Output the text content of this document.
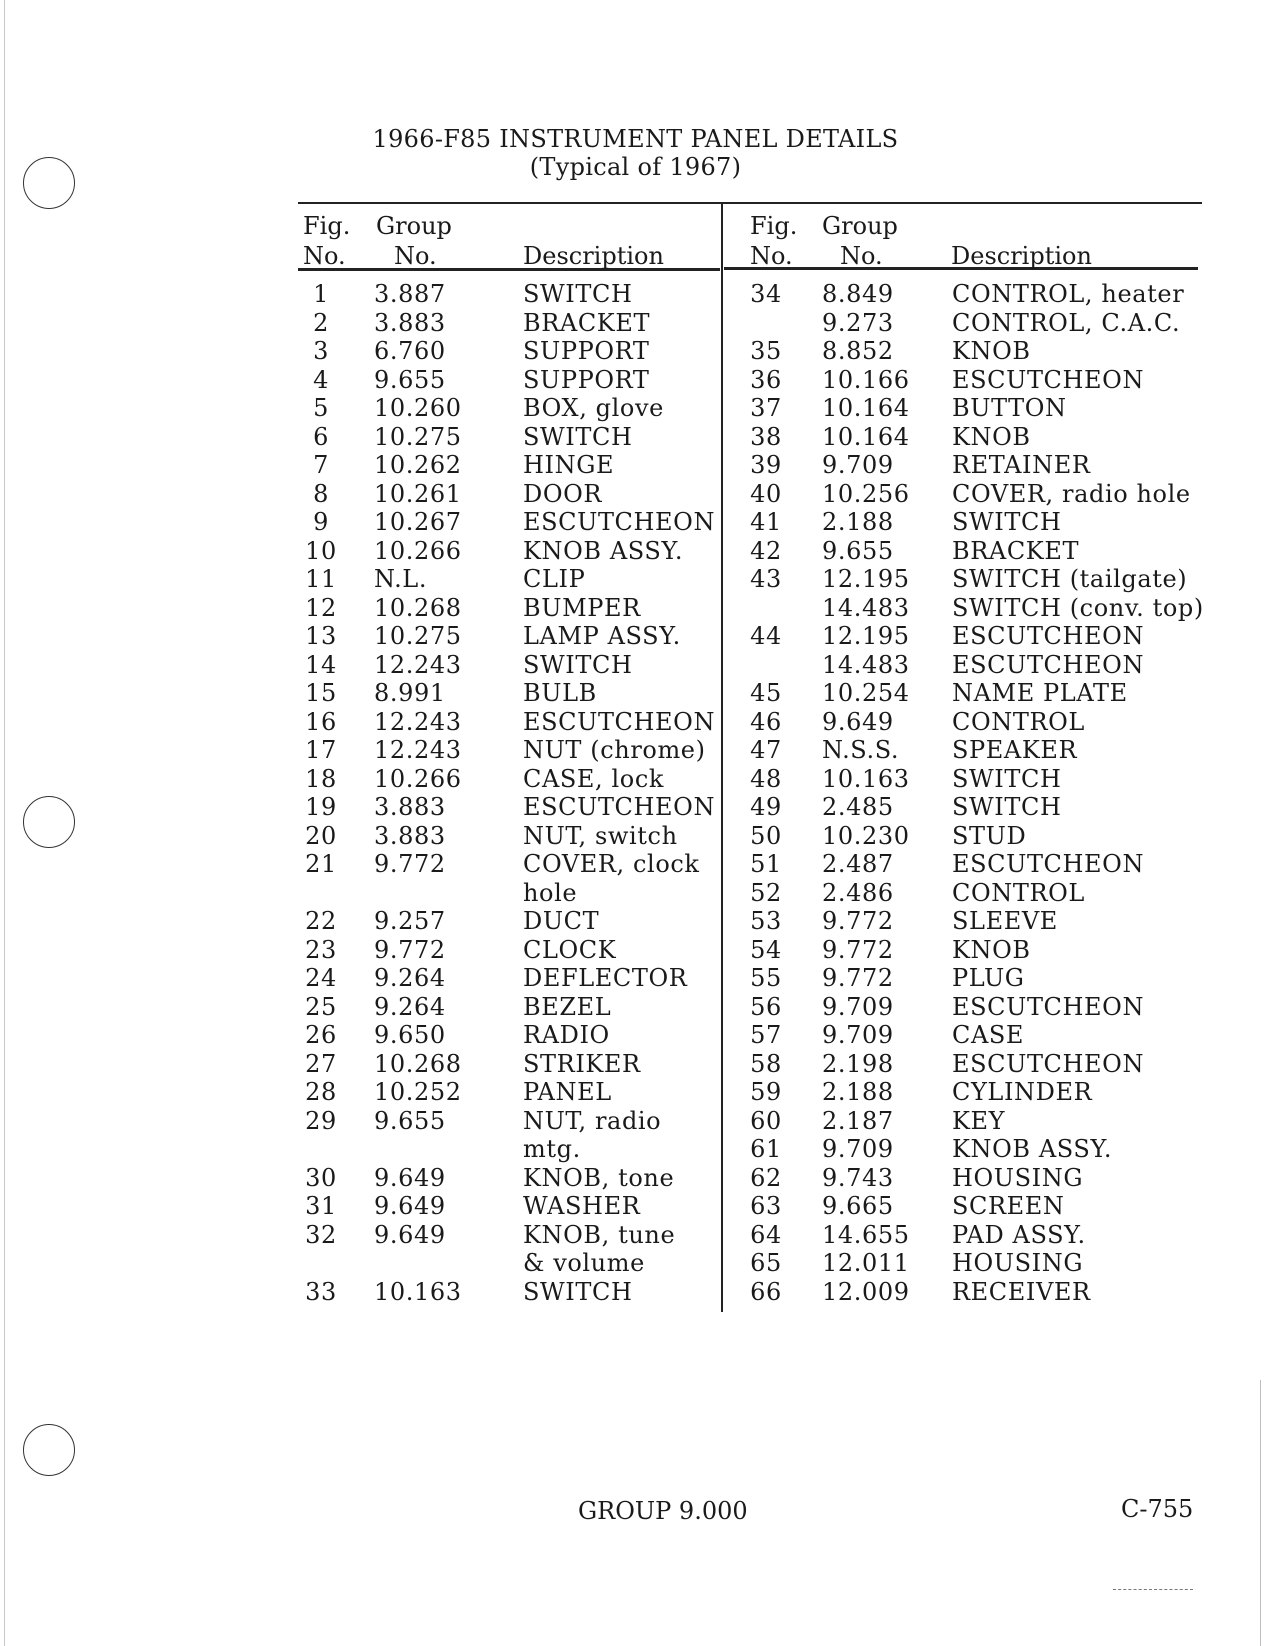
1966-F85 INSTRUMENT PANEL DETAILS
(Typical of 1967)
Fig.
No.
Group
No.	Description
Fig.
No.
Group
No.	Description
1	3.887	SWITCH
2	3.883	BRACKET
3	6.760	SUPPORT
4	9.655	SUPPORT
5	10.260	BOX, glove
6	10.275	SWITCH
7	10.262	HINGE
8	10.261	DOOR
9	10.267	ESCUTCHEON
10	10.266	KNOB ASSY.
11	N.L.	CLIP
12	10.268	BUMPER
13	10.275	LAMP ASSY.
14	12.243	SWITCH
15	8.991	BULB
16	12.243	ESCUTCHEON
17	12.243	NUT (chrome)
18	10.266	CASE, lock
19	3.883	ESCUTCHEON
20	3.883	NUT, switch
21	9.772	COVER, clock
hole
22	9.257	DUCT
23	9.772	CLOCK
24	9.264	DEFLECTOR
25	9.264	BEZEL
26	9.650	RADIO
27	10.268	STRIKER
28	10.252	PANEL
29	9.655	NUT, radio
mtg.
30	9.649	KNOB, tone
31	9.649	WASHER
32	9.649	KNOB, tune
& volume
33	10.163	SWITCH
34	8.849 CONTROL, heater
9.273 CONTROL, C.A.C.
35	8.852 KNOB
36	10.166 ESCUTCHEON
37	10.164 BUTTON
38	10.164 KNOB
39	9.709 RETAINER
40	10.256 COVER, radio hole
41	2.188 SWITCH
42	9.655 BRACKET
43	12.195 SWITCH (tailgate)
14.483 SWITCH (conv. top)
44	12.195 ESCUTCHEON
14.483 ESCUTCHEON
45	10.254 NAME PLATE
46	9.649 CONTROL
47	N.S.S. SPEAKER
48	10.163 SWITCH
49	2.485 SWITCH
50	10.230 STUD
51	2.487 ESCUTCHEON
52	2.486 CONTROL
53	9.772 SLEEVE
54	9.772 KNOB
55	9.772 PLUG
56	9.709 ESCUTCHEON
57	9.709 CASE
58	2.198 ESCUTCHEON
59	2.188 CYLINDER
60	2.187 KEY
61	9.709 KNOB ASSY.
62	9.743 HOUSING
63	9.665 SCREEN
64	14.655 PAD ASSY.
65	12.011 HOUSING
66	12.009 RECEIVER
GROUP 9.000	C-755
